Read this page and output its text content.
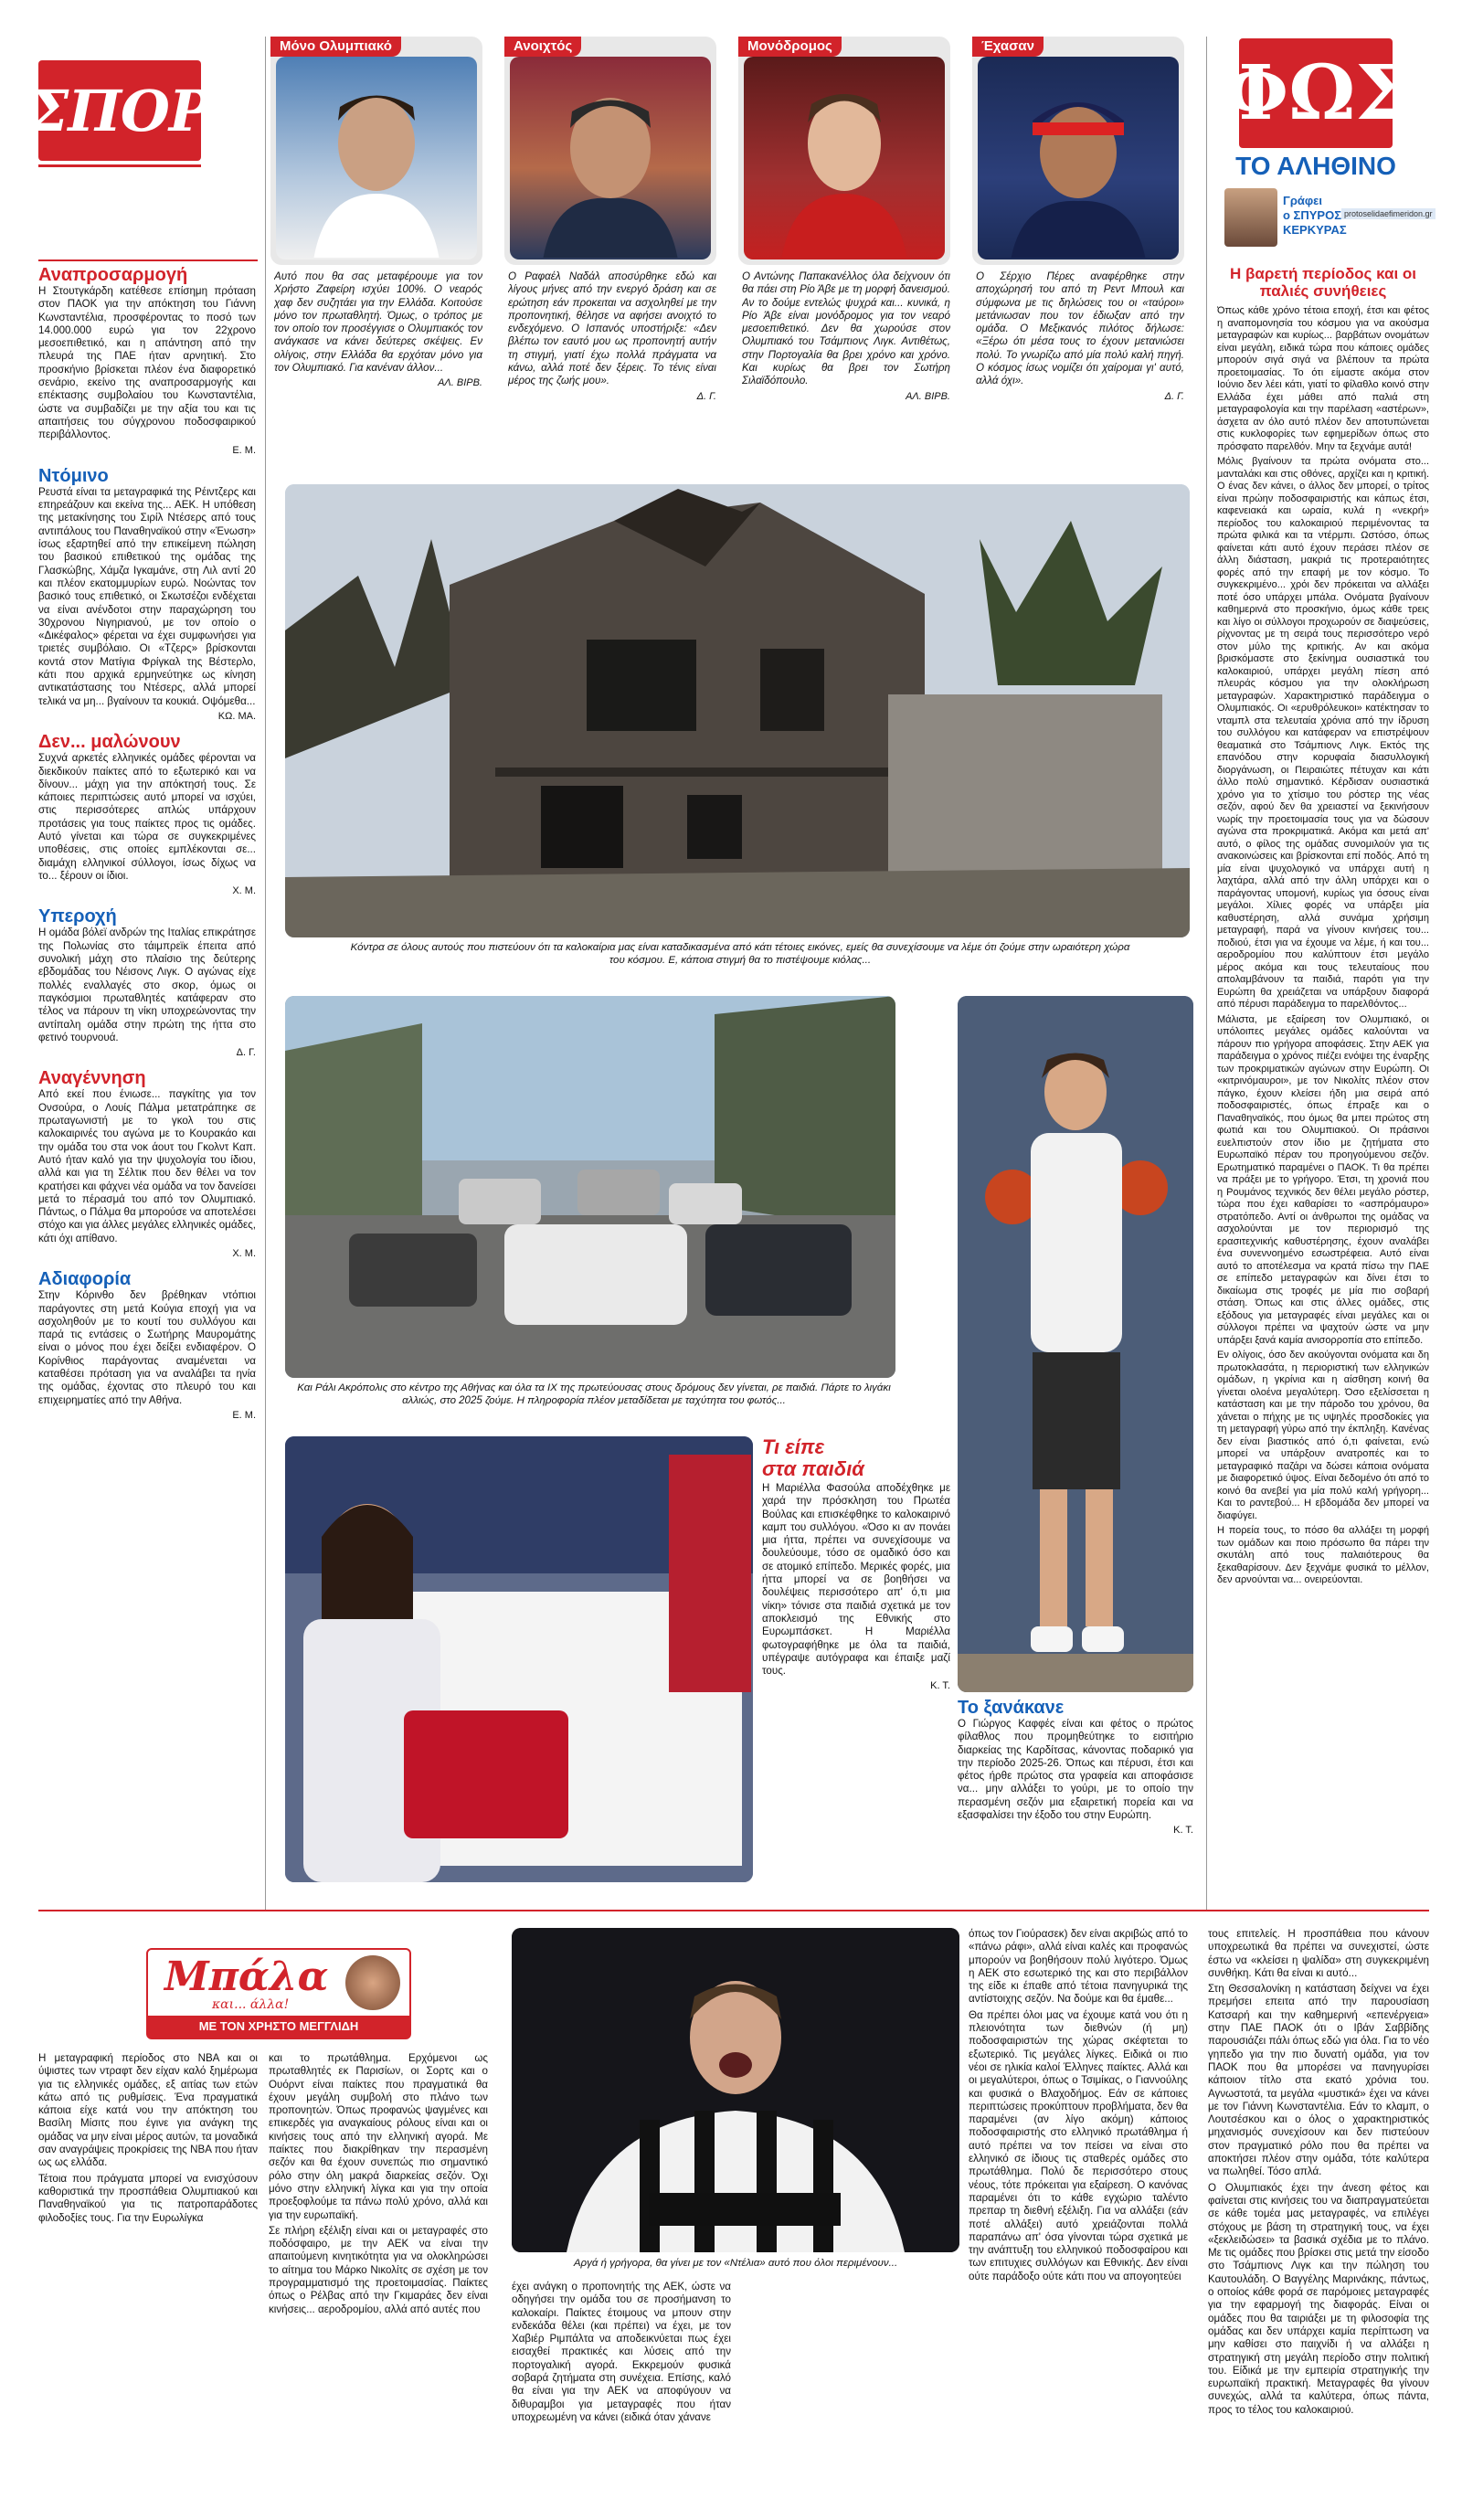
ΣΠΟΡ
Μόνο Ολυμπιακό
Αυτό που θα σας μεταφέρουμε για τον Χρήστο Ζαφείρη ισχύει 100%. Ο νεαρός χαφ δεν συζητάει για την Ελλάδα. Κοιτούσε μόνο τον πρωταθλητή. Όμως, ο τρόπος με τον οποίο τον προσέγγισε ο Ολυμπιακός τον ανάγκασε να κάνει δεύτερες σκέψεις. Εν ολίγοις, στην Ελλάδα θα ερχόταν μόνο για τον Ολυμπιακό. Για κανέναν άλλον...
ΑΛ. ΒΙΡΒ.
Ανοιχτός
Ο Ραφαέλ Ναδάλ αποσύρθηκε εδώ και λίγους μήνες από την ενεργό δράση και σε ερώτηση εάν προκειται να ασχοληθεί με την προπονητική, θέλησε να αφήσει ανοιχτό το ενδεχόμενο. Ο Ισπανός υποστήριξε: «Δεν βλέπω τον εαυτό μου ως προπονητή αυτήν τη στιγμή, γιατί έχω πολλά πράγματα να κάνω, αλλά ποτέ δεν ξέρεις. Το τένις είναι μέρος της ζωής μου».
Δ. Γ.
Μονόδρομος
Ο Αντώνης Παπακανέλλος όλα δείχνουν ότι θα πάει στη Ρίο Άβε με τη μορφή δανεισμού. Αν το δούμε εντελώς ψυχρά και... κυνικά, η Ρίο Άβε είναι μονόδρομος για τον νεαρό μεσοεπιθετικό. Δεν θα χωρούσε στον Ολυμπιακό του Τσάμπιονς Λιγκ. Αντιθέτως, στην Πορτογαλία θα βρει χρόνο και χρόνο. Και κυρίως θα βρει τον Σωτήρη Σιλαϊδόπουλο.
ΑΛ. ΒΙΡΒ.
Έχασαν
Ο Σέρχιο Πέρες αναφέρθηκε στην αποχώρησή του από τη Ρεντ Μπουλ και σύμφωνα με τις δηλώσεις του οι «ταύροι» μετάνιωσαν που τον έδιωξαν από την ομάδα. Ο Μεξικανός πιλότος δήλωσε: «Ξέρω ότι μέσα τους το έχουν μετανιώσει πολύ. Το γνωρίζω από μία πολύ καλή πηγή. Ο κόσμος ίσως νομίζει ότι χαίρομαι γι' αυτό, αλλά όχι».
Δ. Γ.
ΦΩΣ
ΤΟ ΑΛΗΘΙΝΟ
Γράφει
ο ΣΠΥΡΟΣ
ΚΕΡΚΥΡΑΣ
protoselidaefimeridon.gr
Αναπροσαρμογή
Η Στουτγκάρδη κατέθεσε επίσημη πρόταση στον ΠΑΟΚ για την απόκτηση του Γιάννη Κωνσταντέλια, προσφέροντας το ποσό των 14.000.000 ευρώ για τον 22χρονο μεσοεπιθετικό, και η απάντηση από την πλευρά της ΠΑΕ ήταν αρνητική. Στο προσκήνιο βρίσκεται πλέον ένα διαφορετικό σενάριο, εκείνο της αναπροσαρμογής και επέκτασης συμβολαίου του Κωνσταντέλια, ώστε να συμβαδίζει με την αξία του και τις απαιτήσεις του σύγχρονου ποδοσφαιρικού περιβάλλοντος.
Ε. Μ.
Ντόμινο
Ρευστά είναι τα μεταγραφικά της Ρέιντζερς και επηρεάζουν και εκείνα της... ΑΕΚ. Η υπόθεση της μετακίνησης του Σιρίλ Ντέσερς από τους αντιπάλους του Παναθηναϊκού στην «Ένωση» ίσως εξαρτηθεί από την επικείμενη πώληση του βασικού επιθετικού της ομάδας της Γλασκώβης, Χάμζα Ιγκαμάνε, στη Λιλ αντί 20 και πλέον εκατομμυρίων ευρώ. Νοώντας τον βασικό τους επιθετικό, οι Σκωτσέζοι ενδέχεται να είναι ανένδοτοι στην παραχώρηση του 30χρονου Νιγηριανού, με τον οποίο ο «Δικέφαλος» φέρεται να έχει συμφωνήσει για τριετές συμβόλαιο. Οι «Τζερς» βρίσκονται κοντά στον Ματίγια Φρίγκαλ της Βέστερλο, κάτι που αρχικά ερμηνεύτηκε ως κίνηση αντικατάστασης του Ντέσερς, αλλά μπορεί τελικά να μη... βγαίνουν τα κουκιά. Οψόμεθα...
ΚΩ. ΜΑ.
Δεν... μαλώνουν
Συχνά αρκετές ελληνικές ομάδες φέρονται να διεκδικούν παίκτες από το εξωτερικό και να δίνουν... μάχη για την απόκτησή τους. Σε κάποιες περιπτώσεις αυτό μπορεί να ισχύει, στις περισσότερες απλώς υπάρχουν προτάσεις για τους παίκτες προς τις ομάδες. Αυτό γίνεται και τώρα σε συγκεκριμένες υποθέσεις, στις οποίες εμπλέκονται σε... διαμάχη ελληνικοί σύλλογοι, ίσως δίχως να το... ξέρουν οι ίδιοι.
Χ. Μ.
Υπεροχή
Η ομάδα βόλεϊ ανδρών της Ιταλίας επικράτησε της Πολωνίας στο τάιμπρεϊκ έπειτα από συνολική μάχη στο πλαίσιο της δεύτερης εβδομάδας του Νέισονς Λιγκ. Ο αγώνας είχε πολλές εναλλαγές στο σκορ, όμως οι παγκόσμιοι πρωταθλητές κατάφεραν στο τέλος να πάρουν τη νίκη υποχρεώνοντας την αντίπαλη ομάδα στην πρώτη της ήττα στο φετινό τουρνουά.
Δ. Γ.
Αναγέννηση
Από εκεί που ένιωσε... παγκίτης για τον Ονσούρα, ο Λουίς Πάλμα μετατράπηκε σε πρωταγωνιστή με το γκολ του στις καλοκαιρινές του αγώνα με το Κουρακάο και την ομάδα του στα νοκ άουτ του Γκολντ Καπ. Αυτό ήταν καλό για την ψυχολογία του ίδιου, αλλά και για τη Σέλτικ που δεν θέλει να τον κρατήσει και φάχνει νέα ομάδα να τον δανείσει μετά το πέρασμά του από τον Ολυμπιακό. Πάντως, ο Πάλμα θα μπορούσε να αποτελέσει στόχο και για άλλες μεγάλες ελληνικές ομάδες, κάτι όχι απίθανο.
Χ. Μ.
Αδιαφορία
Στην Κόρινθο δεν βρέθηκαν ντόπιοι παράγοντες στη μετά Κούγια εποχή για να ασχοληθούν με το κουτί του συλλόγου και παρά τις εντάσεις ο Σωτήρης Μαυρομάτης είναι ο μόνος που έχει δείξει ενδιαφέρον. Ο Κορίνθιος παράγοντας αναμένεται να καταθέσει πρόταση για να αναλάβει τα ηνία της ομάδας, έχοντας στο πλευρό του και επιχειρηματίες από την Αθήνα.
Ε. Μ.
Κόντρα σε όλους αυτούς που πιστεύουν ότι τα καλοκαίρια μας είναι καταδικασμένα από κάτι τέτοιες εικόνες, εμείς θα συνεχίσουμε να λέμε ότι ζούμε στην ωραιότερη χώρα του κόσμου. Ε, κάποια στιγμή θα το πιστέψουμε κιόλας...
Και Ράλι Ακρόπολις στο κέντρο της Αθήνας και όλα τα ΙΧ της πρωτεύουσας στους δρόμους δεν γίνεται, ρε παιδιά. Πάρτε το λιγάκι αλλιώς, στο 2025 ζούμε. Η πληροφορία πλέον μεταδίδεται με ταχύτητα του φωτός...
Τι είπε
στα παιδιά
Η Μαριέλλα Φασούλα αποδέχθηκε με χαρά την πρόσκληση του Πρωτέα Βούλας και επισκέφθηκε το καλοκαιρινό καμπ του συλλόγου. «Όσο κι αν πονάει μια ήττα, πρέπει να συνεχίσουμε να δουλεύουμε, τόσο σε ομαδικό όσο και σε ατομικό επίπεδο. Μερικές φορές, μια ήττα μπορεί να σε βοηθήσει να δουλέψεις περισσότερο απ' ό,τι μια νίκη» τόνισε στα παιδιά σχετικά με τον αποκλεισμό της Εθνικής στο Ευρωμπάσκετ. Η Μαριέλλα φωτογραφήθηκε με όλα τα παιδιά, υπέγραψε αυτόγραφα και έπαιξε μαζί τους.
Κ. Τ.
Το ξανάκανε
Ο Γιώργος Καφφές είναι και φέτος ο πρώτος φίλαθλος που προμηθεύτηκε το εισιτήριο διαρκείας της Καρδίτσας, κάνοντας ποδαρικό για την περίοδο 2025-26. Όπως και πέρυσι, έτσι και φέτος ήρθε πρώτος στα γραφεία και αποφάσισε να... μην αλλάξει το γούρι, με το οποίο την περασμένη σεζόν μια εξαιρετική πορεία και να εξασφαλίσει την έξοδο του στην Ευρώπη.
Κ. Τ.
Η βαρετή περίοδος και οι παλιές συνήθειες

Όπως κάθε χρόνο τέτοια εποχή, έτσι και φέτος η αναπομονησία του κόσμου για να ακούσμα μεταγραφών και κυρίως... βαρβάτων ονομάτων είναι μεγάλη, ειδικά τώρα που κάποιες ομάδες μπορούν σιγά σιγά να βλέπουν τα πρώτα προετοιμασίας. Το ότι είμαστε ακόμα στον Ιούνιο δεν λέει κάτι, γιατί το φίλαθλο κοινό στην Ελλάδα έχει μάθει από παλιά στη μεταγραφολογία και την παρέλαση «αστέρων», άσχετα αν όλο αυτό πλέον δεν αποτυπώνεται στις κυκλοφορίες των εφημερίδων όπως στο πρόσφατο παρελθόν. Μην τα ξεχνάμε αυτά!

Μόλις βγαίνουν τα πρώτα ονόματα στο... μανταλάκι και στις οθόνες, αρχίζει και η κριτική. Ο ένας δεν κάνει, ο άλλος δεν μπορεί, ο τρίτος είναι πρώην ποδοσφαιριστής και κάπως έτσι, καφενειακά και ωραία, κυλά η «νεκρή» περίοδος του καλοκαιριού περιμένοντας τα πρώτα φιλικά και τα ντέρμπι. Ωστόσο, όπως φαίνεται κάτι αυτό έχουν περάσει πλέον σε άλλη διάσταση, μακριά τις προτεραιότητες φορές από την επαφή με τον κόσμο. Το συγκεκριμένο... χρόι δεν πρόκειται να αλλάξει ποτέ όσο υπάρχει μπάλα. Ονόματα βγαίνουν καθημερινά στο προσκήνιο, όμως κάθε τρεις και λίγο οι σύλλογοι προχωρούν σε διαψεύσεις, ρίχνοντας με τη σειρά τους περισσότερο νερό στον μύλο της κριτικής. Αν και ακόμα βρισκόμαστε στο ξεκίνημα ουσιαστικά του καλοκαιριού, υπάρχει μεγάλη πίεση από πλευράς κόσμου για την ολοκλήρωση μεταγραφών. Χαρακτηριστικό παράδειγμα ο Ολυμπιακός. Οι «ερυθρόλευκοι» κατέκτησαν το νταμπλ στα τελευταία χρόνια από την ίδρυση του συλλόγου και κατάφεραν να επιστρέψουν θεαματικά στο Τσάμπιονς Λιγκ. Εκτός της επανόδου στην κορυφαία διασυλλογική διοργάνωση, οι Πειραιώτες πέτυχαν και κάτι άλλο πολύ σημαντικό. Κέρδισαν ουσιαστικά χρόνο για το χτίσιμο του ρόστερ της νέας σεζόν, αφού δεν θα χρειαστεί να ξεκινήσουν νωρίς την προετοιμασία τους για να δώσουν αγώνα στα προκριματικά. Ακόμα και μετά απ' αυτό, ο φίλος της ομάδας συνομιλούν για τις ανακοινώσεις και βρίσκονται επί ποδός. Από τη μία είναι ψυχολογικό να υπάρχει αυτή η λαχτάρα, αλλά από την άλλη υπάρχει και ο παράγοντας υπομονή, κυρίως για όσους είναι μεγάλοι. Χίλιες φορές να υπάρξει μία καθυστέρηση, αλλά συνάμα χρήσιμη μεταγραφή, παρά να γίνουν κινήσεις του... ποδιού, έτσι για να έχουμε να λέμε, ή και του... αεροδρομίου που καλύπτουν έτσι μεγάλο μέρος ακόμα και τους τελευταίους που απολαμβάνουν τα παιδιά, παρότι για την Ευρώπη θα χρειάζεται να υπάρξουν διαφορά από πέρυσι παράδειγμα το παρελθόντος...

Μάλιστα, με εξαίρεση τον Ολυμπιακό, οι υπόλοιπες μεγάλες ομάδες καλούνται να πάρουν πιο γρήγορα αποφάσεις. Στην ΑΕΚ για παράδειγμα ο χρόνος πιέζει ενόψει της έναρξης των προκριματικών αγώνων στην Ευρώπη. Οι «κιτρινόμαυροι», με τον Νικολίτς πλέον στον πάγκο, έχουν κλείσει ήδη μια σειρά από ποδοσφαιριστές, όπως έπραξε και ο Παναθηναϊκός, που όμως θα μπει πρώτος στη φωτιά και του Ολυμπιακού. Οι πράσινοι ευελπιστούν στον ίδιο με ζητήματα στο Ευρωπαϊκό πέραν του προηγούμενου σεζόν. Ερωτηματικό παραμένει ο ΠΑΟΚ. Τι θα πρέπει να πράξει με το γρήγορο. Έτσι, τη χρονιά που η Ρουμάνος τεχνικός δεν θέλει μεγάλο ρόστερ, τώρα που έχει καθαρίσει το «ασπρόμαυρο» στρατόπεδο. Αντί οι άνθρωποι της ομάδας να ασχολούνται με τον περιορισμό της ερασιτεχνικής καθυστέρησης, έχουν αναλάβει ένα συνεννοημένο εσωστρέφεια. Αυτό είναι αυτό το αποτέλεσμα να κρατά πίσω την ΠΑΕ σε επίπεδο μεταγραφών και δίνει έτσι το δικαίωμα στις τροφές με μία πιο σοβαρή στάση. Όπως και στις άλλες ομάδες, στις εξόδους για μεταγραφές είναι μεγάλες και οι σύλλογοι πρέπει να ψαχτούν ώστε να μην υπάρξει ξανά καμία ανισορροπία στο επίπεδο.

Εν ολίγοις, όσο δεν ακούγονται ονόματα και δη πρωτοκλασάτα, η περιοριστική των ελληνικών ομάδων, η γκρίνια και η αίσθηση κοινή θα γίνεται ολοένα μεγαλύτερη. Όσο εξελίσσεται η κατάσταση και με την πάροδο του χρόνου, θα χάνεται ο πήχης με τις υψηλές προσδοκίες για τη μεταγραφή γύρω από την έκπληξη. Κανένας δεν είναι βιαστικός από ό,τι φαίνεται, ενώ μπορεί να υπάρξουν ανατροπές και το μεταγραφικό παζάρι να δώσει κάποια ονόματα με διαφορετικό ύψος. Είναι δεδομένο ότι από το κοινό θα ανεβεί για μία πολύ καλή γρήγορη... Και το ραντεβού... Η εβδομάδα δεν μπορεί να διαφύγει.

Η πορεία τους, το πόσο θα αλλάξει τη μορφή των ομάδων και ποιο πρόσωπο θα πάρει την σκυτάλη από τους παλαιότερους θα ξεκαθαρίσουν. Δεν ξεχνάμε φυσικά το μέλλον, δεν αρνούνται να... ονειρεύονται.

Μπάλα
και... άλλα!
ΜΕ ΤΟΝ ΧΡΗΣΤΟ ΜΕΓΓΛΙΔΗ
Αργά ή γρήγορα, θα γίνει με τον «Ντέλια» αυτό που όλοι περιμένουν...

Η μεταγραφική περίοδος στο NBA και οι ύψιστες των ντραφτ δεν είχαν καλό ξημέρωμα για τις ελληνικές ομάδες, εξ αιτίας των ετών κάτω από τις ρυθμίσεις. Ένα πραγματικά κάποια είχε κατά νου την απόκτηση του Βασίλη Μίσιτς που έγινε για ανάγκη της ομάδας να μην είναι μέρος αυτών, τα μοναδικά σαν αναγράψεις προκρίσεις της NBA που ήταν ως ως ελλάδα.

Τέτοια που πράγματα μπορεί να ενισχύσουν καθοριστικά την προσπάθεια Ολυμπιακού και Παναθηναϊκού για τις πατροπαράδοτες φιλοδοξίες τους. Για την Ευρωλίγκα

και το πρωτάθλημα. Ερχόμενοι ως πρωταθλητές εκ Παρισίων, οι Σορτς και ο Ουόρντ είναι παίκτες που πραγματικά θα έχουν μεγάλη συμβολή στο πλάνο των προπονητών. Όπως προφανώς ψαγμένες και επικερδές για αναγκαίους ρόλους είναι και οι κινήσεις τους από την ελληνική αγορά. Με παίκτες που διακρίθηκαν την περασμένη σεζόν και θα έχουν συνεπώς πιο σημαντικό ρόλο στην όλη μακρά διαρκείας σεζόν. Όχι μόνο στην ελληνική λίγκα και για την οποία προεξοφλούμε τα πάνω πολύ χρόνο, αλλά και για την ευρωπαϊκή.

Σε πλήρη εξέλιξη είναι και οι μεταγραφές στο ποδόσφαιρο, με την ΑΕΚ να είναι την απαιτούμενη κινητικότητα για να ολοκληρώσει το αίτημα του Μάρκο Νικολίτς σε σχέση με τον προγραμματισμό της προετοιμασίας. Παίκτες όπως ο Ρέλβας από την Γκιμαράες δεν είναι κινήσεις... αεροδρομίου, αλλά από αυτές που

έχει ανάγκη ο προπονητής της ΑΕΚ, ώστε να οδηγήσει την ομάδα του σε προσήμανση το καλοκαίρι. Παίκτες έτοιμους να μπουν στην ενδεκάδα θέλει (και πρέπει) να έχει, με τον Χαβιέρ Ριμπάλτα να αποδεικνύεται πως έχει εισαχθεί πρακτικές και λύσεις από την πορτογαλική αγορά. Εκκρεμούν φυσικά σοβαρά ζητήματα στη συνέχεια. Επίσης, καλό θα είναι για την ΑΕΚ να αποφύγουν να διθυραμβοι για μεταγραφές που ήταν υποχρεωμένη να κάνει (ειδικά όταν χάνανε

όπως τον Γιούρασεκ) δεν είναι ακριβώς από το «πάνω ράφι», αλλά είναι καλές και προφανώς μπορούν να βοηθήσουν πολύ λιγότερο. Όμως η ΑΕΚ στο εσωτερικό της και στο περιβάλλον της είδε κι έπαθε από τέτοια πανηγυρικά της αντίστοιχης σεζόν. Να δούμε και θα έμαθε...

Θα πρέπει όλοι μας να έχουμε κατά νου ότι η πλειονότητα των διεθνών (ή μη) ποδοσφαιριστών της χώρας σκέφτεται το εξωτερικό. Τις μεγάλες λίγκες. Ειδικά οι πιο νέοι σε ηλικία καλοί Έλληνες παίκτες. Αλλά και οι μεγαλύτεροι, όπως ο Τσιμίκας, ο Γιαννούλης και φυσικά ο Βλαχοδήμος. Εάν σε κάποιες περιπτώσεις προκύπτουν προβλήματα, δεν θα παραμένει (αν λίγο ακόμη) κάποιος ποδοσφαιριστής στο ελληνικό πρωτάθλημα ή αυτό πρέπει να τον πείσει να είναι στο ελληνικό σε ίδιους τις σταθερές ομάδες στο πρωτάθλημα. Πολύ δε περισσότερο στους νέους, τότε πρόκειται για εξαίρεση. Ο κανόνας παραμένει ότι το κάθε εγχώριο ταλέντο πρεπαρ τη διεθνή εξέλιξη. Για να αλλάξει (εάν ποτέ αλλάξει) αυτό χρειάζονται πολλά παραπάνω απ' όσα γίνονται τώρα σχετικά με την ανάπτυξη του ελληνικού ποδοσφαίρου και των επιτυχιες συλλόγων και Εθνικής. Δεν είναι ούτε παράδοξο ούτε κάτι που να απογοητεύει

τους επιτελείς. Η προσπάθεια που κάνουν υποχρεωτικά θα πρέπει να συνεχιστεί, ώστε έστω να «κλείσει η ψαλίδα» στη συγκεκριμένη συνθήκη. Κάτι θα είναι κι αυτό...

Στη Θεσσαλονίκη η κατάσταση δείχνει να έχει πρεμήσει επειτα από την παρουσίαση Κατσαρή και την καθημερινή «επενέργεια» στην ΠΑΕ ΠΑΟΚ ότι ο Ιβάν Σαββίδης παρουσιάζει πάλι όπως εδώ για όλα. Για το νέο γηπεδο για την πιο δυνατή ομάδα, για τον ΠΑΟΚ που θα μπορέσει να πανηγυρίσει κάποιον τίτλο στα εκατό χρόνια του. Αγνωστοτά, τα μεγάλα «μυστικά» έχει να κάνει με τον Γιάννη Κωνσταντέλια. Εάν το κλαμπ, ο Λουτσέσκου και ο όλος ο χαρακτηριστικός μηχανισμός συνεχίσουν και δεν πιστεύουν στον πραγματικό ρόλο που θα πρέπει να αποκτήσει πλέον στην ομάδα, τότε καλύτερα να πωληθεί. Τόσο απλά.

Ο Ολυμπιακός έχει την άνεση φέτος και φαίνεται στις κινήσεις του να διαπραγματεύεται σε κάθε τομέα μας μεταγραφές, να επιλέγει στόχους με βάση τη στρατηγική τους, να έχει «ξεκλειδώσει» τα βασικά σχέδια με το πλάνο. Με τις ομάδες που βρίσκει στις μετά την είσοδο στο Τσάμπιονς Λιγκ και την πώληση του Καυτουλάδη. Ο Βαγγέλης Μαρινάκης, πάντως, ο οποίος κάθε φορά σε παρόμοιες μεταγραφές για την εφαρμογή της διαφοράς. Είναι οι ομάδες που θα ταιριάξει με τη φιλοσοφία της ομάδας και δεν υπάρχει καμία περίπτωση να μην καθίσει στο παιχνίδι ή να αλλάξει η στρατηγική στη μεγάλη περίοδο στην πολιτική του. Είδικά με την εμπειρία στρατηγικής την ευρωπαϊκή πρακτική. Μεταγραφές θα γίνουν συνεχώς, αλλά τα καλύτερα, όπως πάντα, προς το τέλος του καλοκαιριού.
